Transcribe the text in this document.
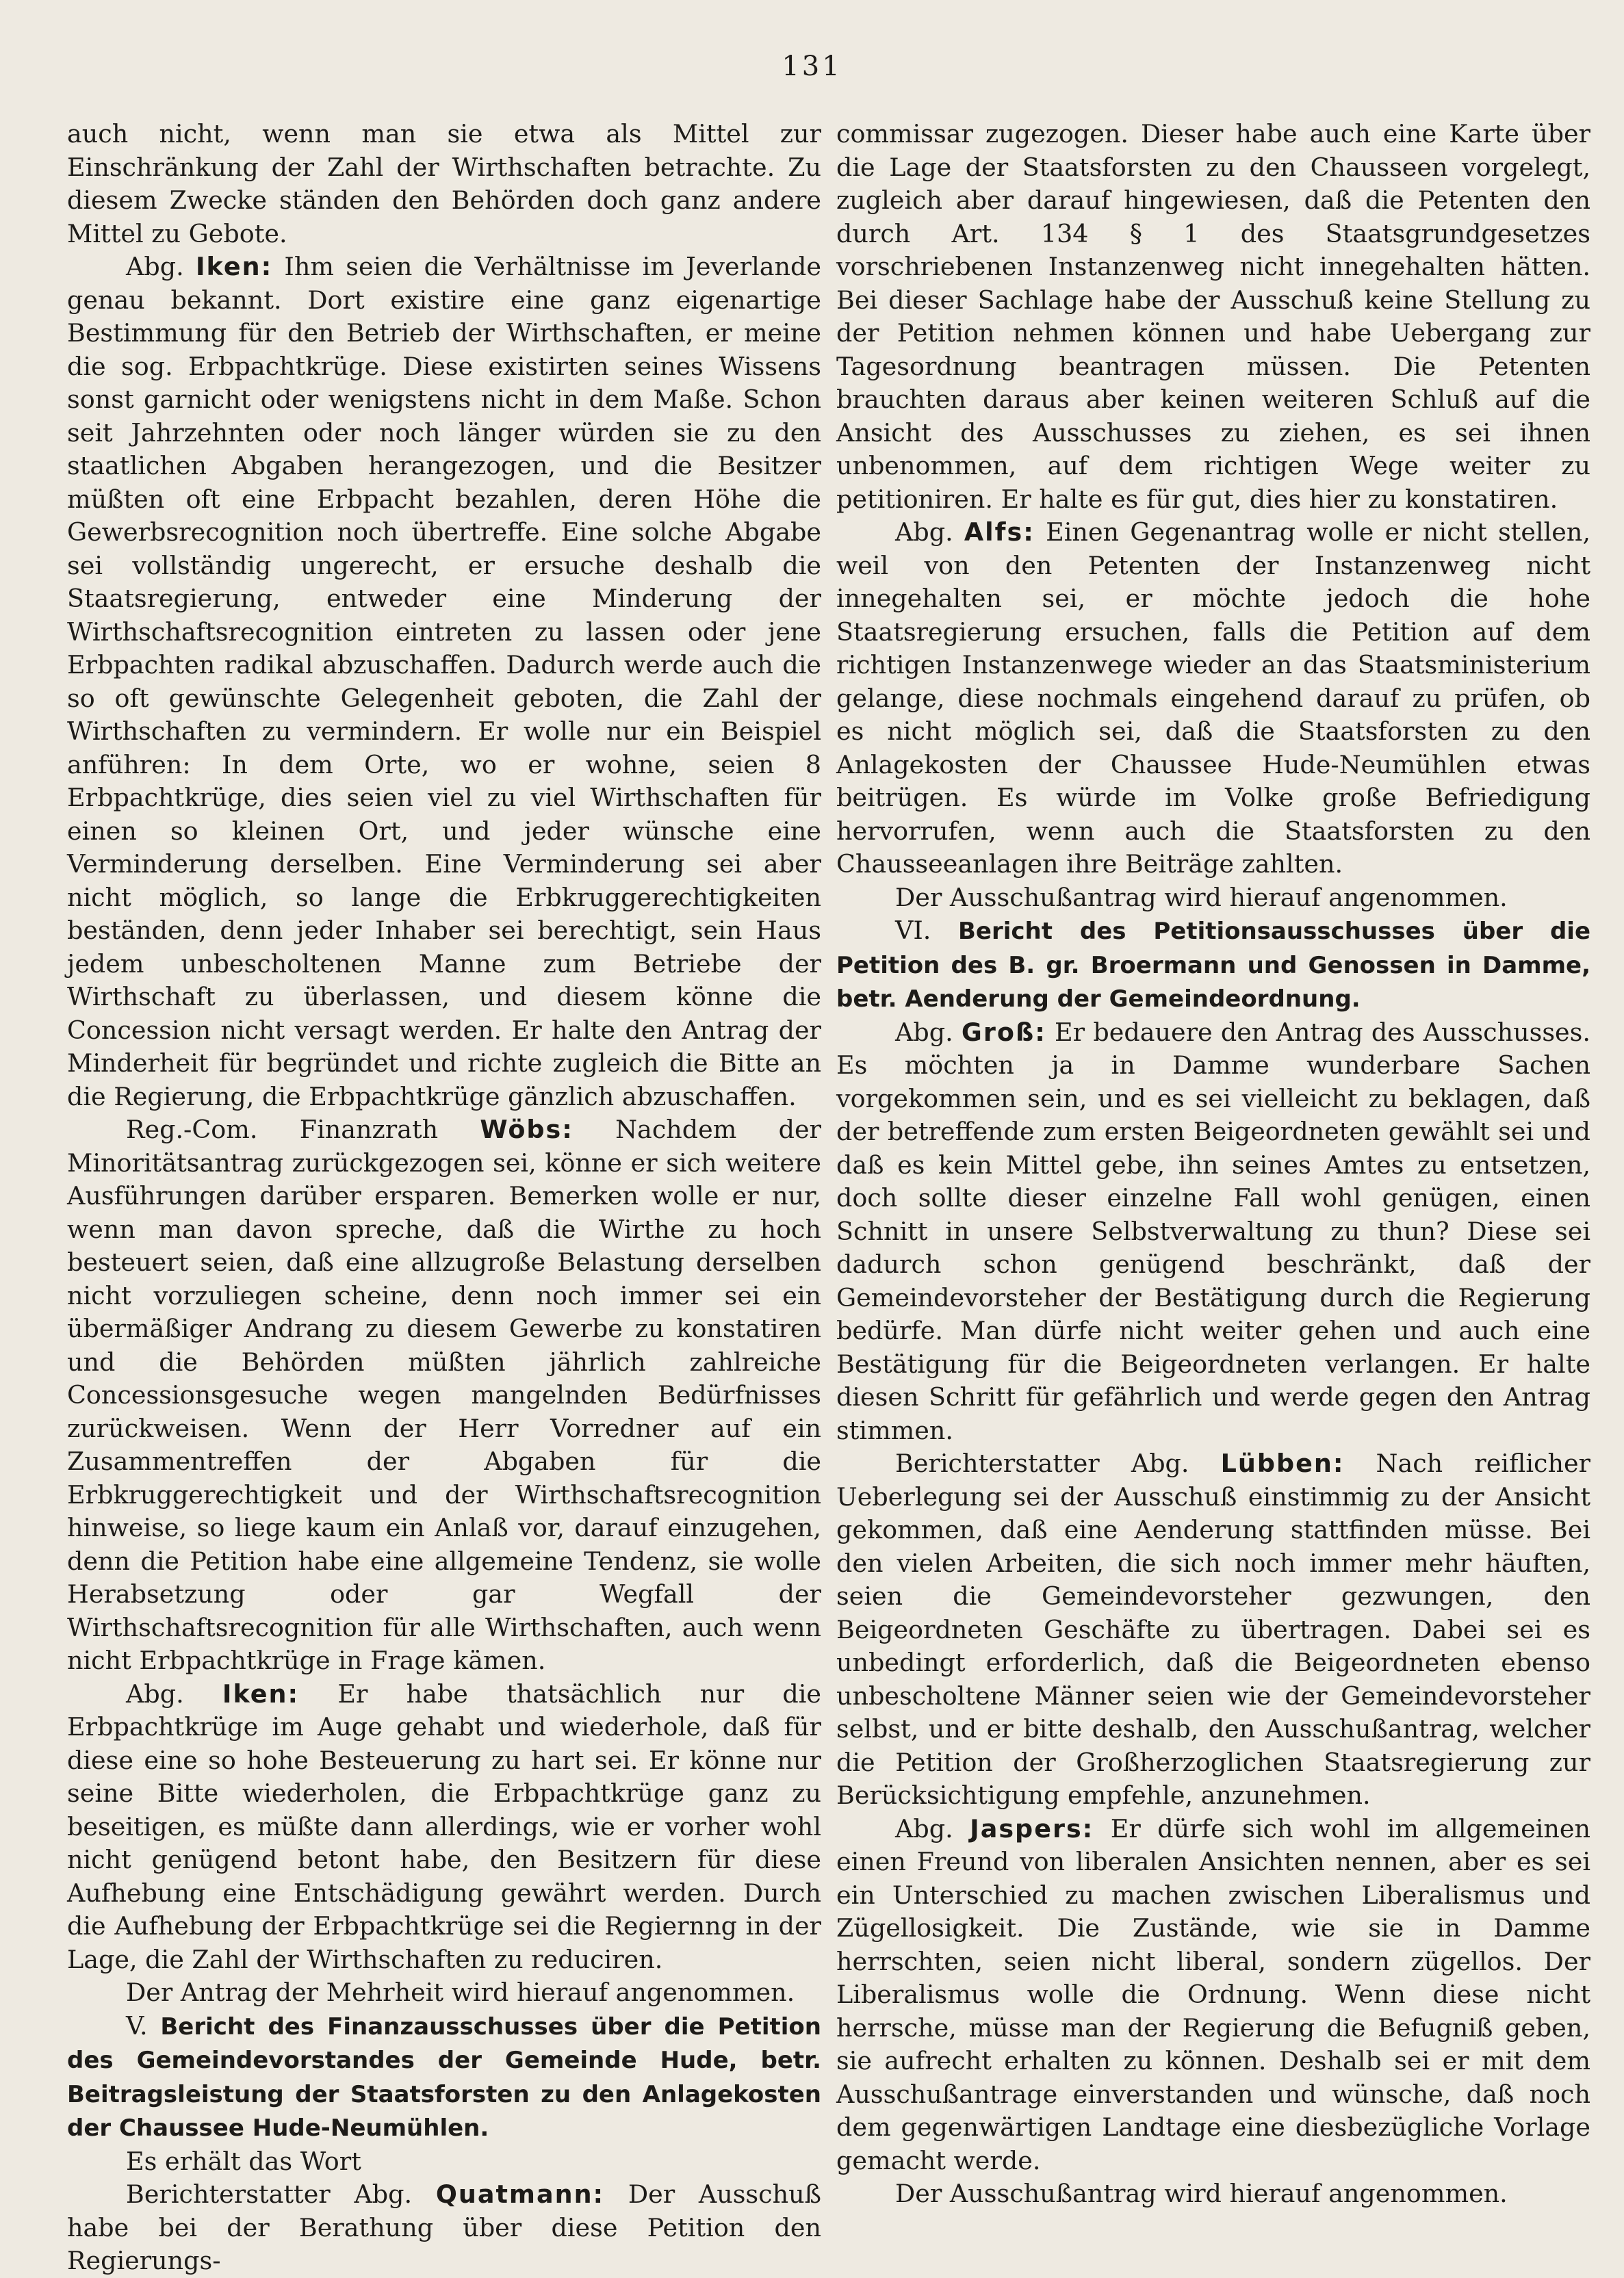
131

auch nicht, wenn man sie etwa als Mittel zur Einschränkung der Zahl der Wirthschaften betrachte. Zu diesem Zwecke ständen den Behörden doch ganz andere Mittel zu Gebote.

Abg. Iken: Ihm seien die Verhältnisse im Jeverlande genau bekannt. Dort existire eine ganz eigenartige Bestimmung für den Betrieb der Wirthschaften, er meine die sog. Erbpachtkrüge. Diese existirten seines Wissens sonst garnicht oder wenigstens nicht in dem Maße. Schon seit Jahrzehnten oder noch länger würden sie zu den staatlichen Abgaben herangezogen, und die Besitzer müßten oft eine Erbpacht bezahlen, deren Höhe die Gewerbsrecognition noch übertreffe. Eine solche Abgabe sei vollständig ungerecht, er ersuche deshalb die Staatsregierung, entweder eine Minderung der Wirthschaftsrecognition eintreten zu lassen oder jene Erbpachten radikal abzuschaffen. Dadurch werde auch die so oft gewünschte Gelegenheit geboten, die Zahl der Wirthschaften zu vermindern. Er wolle nur ein Beispiel anführen: In dem Orte, wo er wohne, seien 8 Erbpachtkrüge, dies seien viel zu viel Wirthschaften für einen so kleinen Ort, und jeder wünsche eine Verminderung derselben. Eine Verminderung sei aber nicht möglich, so lange die Erbkruggerechtigkeiten beständen, denn jeder Inhaber sei berechtigt, sein Haus jedem unbescholtenen Manne zum Betriebe der Wirthschaft zu überlassen, und diesem könne die Concession nicht versagt werden. Er halte den Antrag der Minderheit für begründet und richte zugleich die Bitte an die Regierung, die Erbpachtkrüge gänzlich abzuschaffen.

Reg.-Com. Finanzrath Wöbs: Nachdem der Minoritätsantrag zurückgezogen sei, könne er sich weitere Ausführungen darüber ersparen. Bemerken wolle er nur, wenn man davon spreche, daß die Wirthe zu hoch besteuert seien, daß eine allzugroße Belastung derselben nicht vorzuliegen scheine, denn noch immer sei ein übermäßiger Andrang zu diesem Gewerbe zu konstatiren und die Behörden müßten jährlich zahlreiche Concessionsgesuche wegen mangelnden Bedürfnisses zurückweisen. Wenn der Herr Vorredner auf ein Zusammentreffen der Abgaben für die Erbkruggerechtigkeit und der Wirthschaftsrecognition hinweise, so liege kaum ein Anlaß vor, darauf einzugehen, denn die Petition habe eine allgemeine Tendenz, sie wolle Herabsetzung oder gar Wegfall der Wirthschaftsrecognition für alle Wirthschaften, auch wenn nicht Erbpachtkrüge in Frage kämen.

Abg. Iken: Er habe thatsächlich nur die Erbpachtkrüge im Auge gehabt und wiederhole, daß für diese eine so hohe Besteuerung zu hart sei. Er könne nur seine Bitte wiederholen, die Erbpachtkrüge ganz zu beseitigen, es müßte dann allerdings, wie er vorher wohl nicht genügend betont habe, den Besitzern für diese Aufhebung eine Entschädigung gewährt werden. Durch die Aufhebung der Erbpachtkrüge sei die Regiernng in der Lage, die Zahl der Wirthschaften zu reduciren.

Der Antrag der Mehrheit wird hierauf angenommen.

V. Bericht des Finanzausschusses über die Petition des Gemeindevorstandes der Gemeinde Hude, betr. Beitragsleistung der Staatsforsten zu den Anlagekosten der Chaussee Hude-Neumühlen.

Es erhält das Wort

Berichterstatter Abg. Quatmann: Der Ausschuß habe bei der Berathung über diese Petition den Regierungs-

commissar zugezogen. Dieser habe auch eine Karte über die Lage der Staatsforsten zu den Chausseen vorgelegt, zugleich aber darauf hingewiesen, daß die Petenten den durch Art. 134 § 1 des Staatsgrundgesetzes vorschriebenen Instanzenweg nicht innegehalten hätten. Bei dieser Sachlage habe der Ausschuß keine Stellung zu der Petition nehmen können und habe Uebergang zur Tagesordnung beantragen müssen. Die Petenten brauchten daraus aber keinen weiteren Schluß auf die Ansicht des Ausschusses zu ziehen, es sei ihnen unbenommen, auf dem richtigen Wege weiter zu petitioniren. Er halte es für gut, dies hier zu konstatiren.

Abg. Alfs: Einen Gegenantrag wolle er nicht stellen, weil von den Petenten der Instanzenweg nicht innegehalten sei, er möchte jedoch die hohe Staatsregierung ersuchen, falls die Petition auf dem richtigen Instanzenwege wieder an das Staatsministerium gelange, diese nochmals eingehend darauf zu prüfen, ob es nicht möglich sei, daß die Staatsforsten zu den Anlagekosten der Chaussee Hude-Neumühlen etwas beitrügen. Es würde im Volke große Befriedigung hervorrufen, wenn auch die Staatsforsten zu den Chausseeanlagen ihre Beiträge zahlten.

Der Ausschußantrag wird hierauf angenommen.

VI. Bericht des Petitionsausschusses über die Petition des B. gr. Broermann und Genossen in Damme, betr. Aenderung der Gemeindeordnung.

Abg. Groß: Er bedauere den Antrag des Ausschusses. Es möchten ja in Damme wunderbare Sachen vorgekommen sein, und es sei vielleicht zu beklagen, daß der betreffende zum ersten Beigeordneten gewählt sei und daß es kein Mittel gebe, ihn seines Amtes zu entsetzen, doch sollte dieser einzelne Fall wohl genügen, einen Schnitt in unsere Selbstverwaltung zu thun? Diese sei dadurch schon genügend beschränkt, daß der Gemeindevorsteher der Bestätigung durch die Regierung bedürfe. Man dürfe nicht weiter gehen und auch eine Bestätigung für die Beigeordneten verlangen. Er halte diesen Schritt für gefährlich und werde gegen den Antrag stimmen.

Berichterstatter Abg. Lübben: Nach reiflicher Ueberlegung sei der Ausschuß einstimmig zu der Ansicht gekommen, daß eine Aenderung stattfinden müsse. Bei den vielen Arbeiten, die sich noch immer mehr häuften, seien die Gemeindevorsteher gezwungen, den Beigeordneten Geschäfte zu übertragen. Dabei sei es unbedingt erforderlich, daß die Beigeordneten ebenso unbescholtene Männer seien wie der Gemeindevorsteher selbst, und er bitte deshalb, den Ausschußantrag, welcher die Petition der Großherzoglichen Staatsregierung zur Berücksichtigung empfehle, anzunehmen.

Abg. Jaspers: Er dürfe sich wohl im allgemeinen einen Freund von liberalen Ansichten nennen, aber es sei ein Unterschied zu machen zwischen Liberalismus und Zügellosigkeit. Die Zustände, wie sie in Damme herrschten, seien nicht liberal, sondern zügellos. Der Liberalismus wolle die Ordnung. Wenn diese nicht herrsche, müsse man der Regierung die Befugniß geben, sie aufrecht erhalten zu können. Deshalb sei er mit dem Ausschußantrage einverstanden und wünsche, daß noch dem gegenwärtigen Landtage eine diesbezügliche Vorlage gemacht werde.

Der Ausschußantrag wird hierauf angenommen.
